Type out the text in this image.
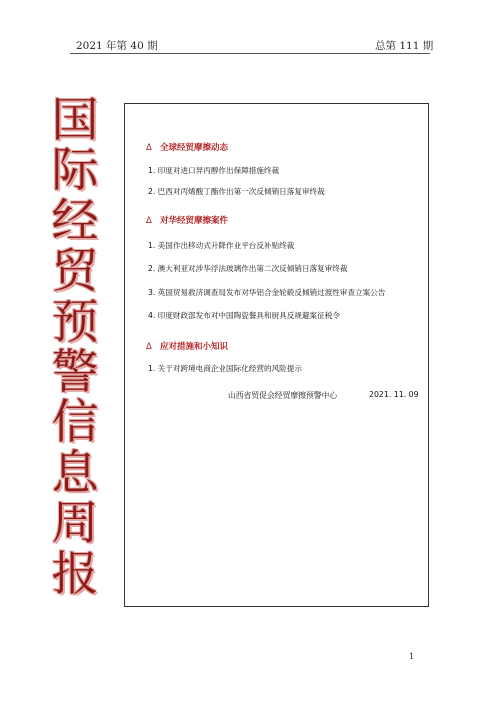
2021 年第 40 期	总第 111 期
国
际
经
贸
预
警
信
息
周
报
Δ 全球经贸摩擦动态
1. 印度对进口异丙醇作出保障措施终裁
2. 巴西对丙烯酸丁酯作出第一次反倾销日落复审终裁
Δ 对华经贸摩擦案件
1. 美国作出移动式升降作业平台反补贴终裁
2. 澳大利亚对涉华浮法玻璃作出第二次反倾销日落复审终裁
3. 英国贸易救济调查局发布对华铝合金轮毂反倾销过渡性审查立案公告
4. 印度财政部发布对中国陶瓷餐具和厨具反规避案征税令
Δ 应对措施和小知识
1. 关于对跨境电商企业国际化经营的风险提示
山西省贸促会经贸摩擦预警中心	2021. 11. 09
1
